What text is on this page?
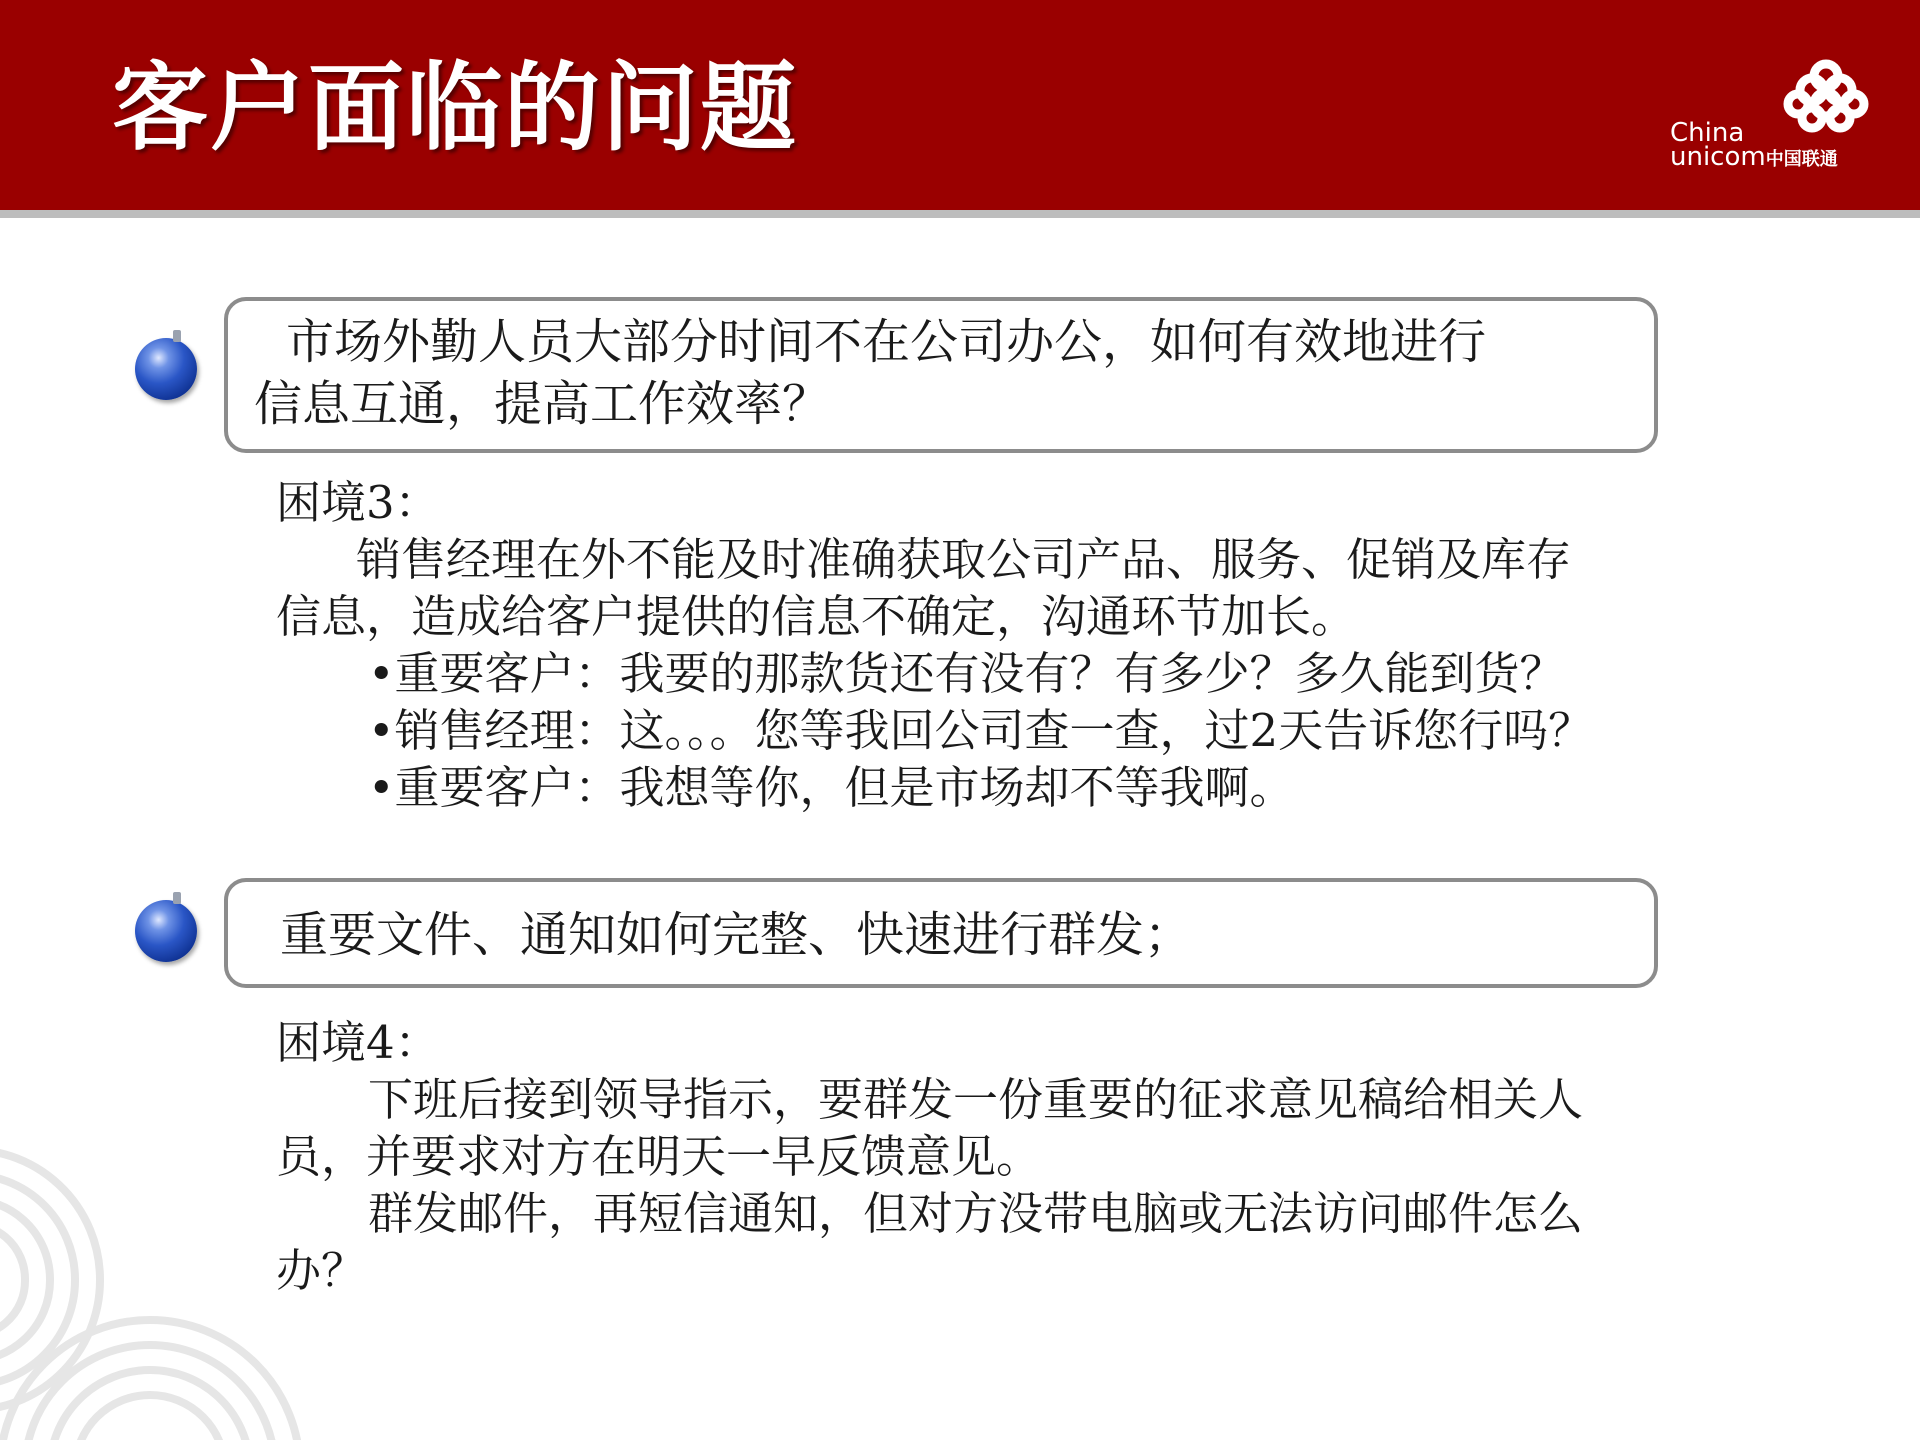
客户面临的问题	China
unicom中国联通
市场外勤人员大部分时间不在公司办公，如何有效地进行
信息互通，提高工作效率？
困境3：
销售经理在外不能及时准确获取公司产品、服务、促销及库存
信息，造成给客户提供的信息不确定，沟通环节加长。
•重要客户：我要的那款货还有没有？有多少？多久能到货？
•销售经理：这。。。您等我回公司查一查，过2天告诉您行吗？
•重要客户：我想等你，但是市场却不等我啊。
重要文件、通知如何完整、快速进行群发；
困境4：
下班后接到领导指示，要群发一份重要的征求意见稿给相关人
员，并要求对方在明天一早反馈意见。
群发邮件，再短信通知，但对方没带电脑或无法访问邮件怎么
办？
